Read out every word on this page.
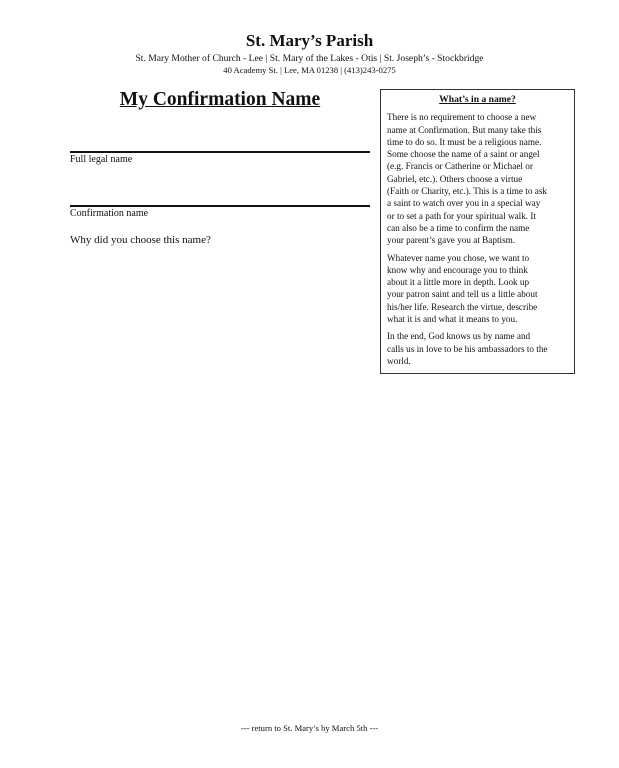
St. Mary’s Parish
St. Mary Mother of Church - Lee | St. Mary of the Lakes - Otis | St. Joseph’s - Stockbridge
40 Academy St. | Lee, MA 01238 | (413)243-0275
My Confirmation Name
Full legal name
Confirmation name
Why did you choose this name?
What’s in a name?
There is no requirement to choose a new
name at Confirmation. But many take this
time to do so. It must be a religious name.
Some choose the name of a saint or angel
(e.g. Francis or Catherine or Michael or
Gabriel, etc.). Others choose a virtue
(Faith or Charity, etc.). This is a time to ask
a saint to watch over you in a special way
or to set a path for your spiritual walk. It
can also be a time to confirm the name
your parent’s gave you at Baptism.
Whatever name you chose, we want to
know why and encourage you to think
about it a little more in depth. Look up
your patron saint and tell us a little about
his/her life. Research the virtue, describe
what it is and what it means to you.
In the end, God knows us by name and
calls us in love to be his ambassadors to the
world.
--- return to St. Mary’s by March 5th ---
